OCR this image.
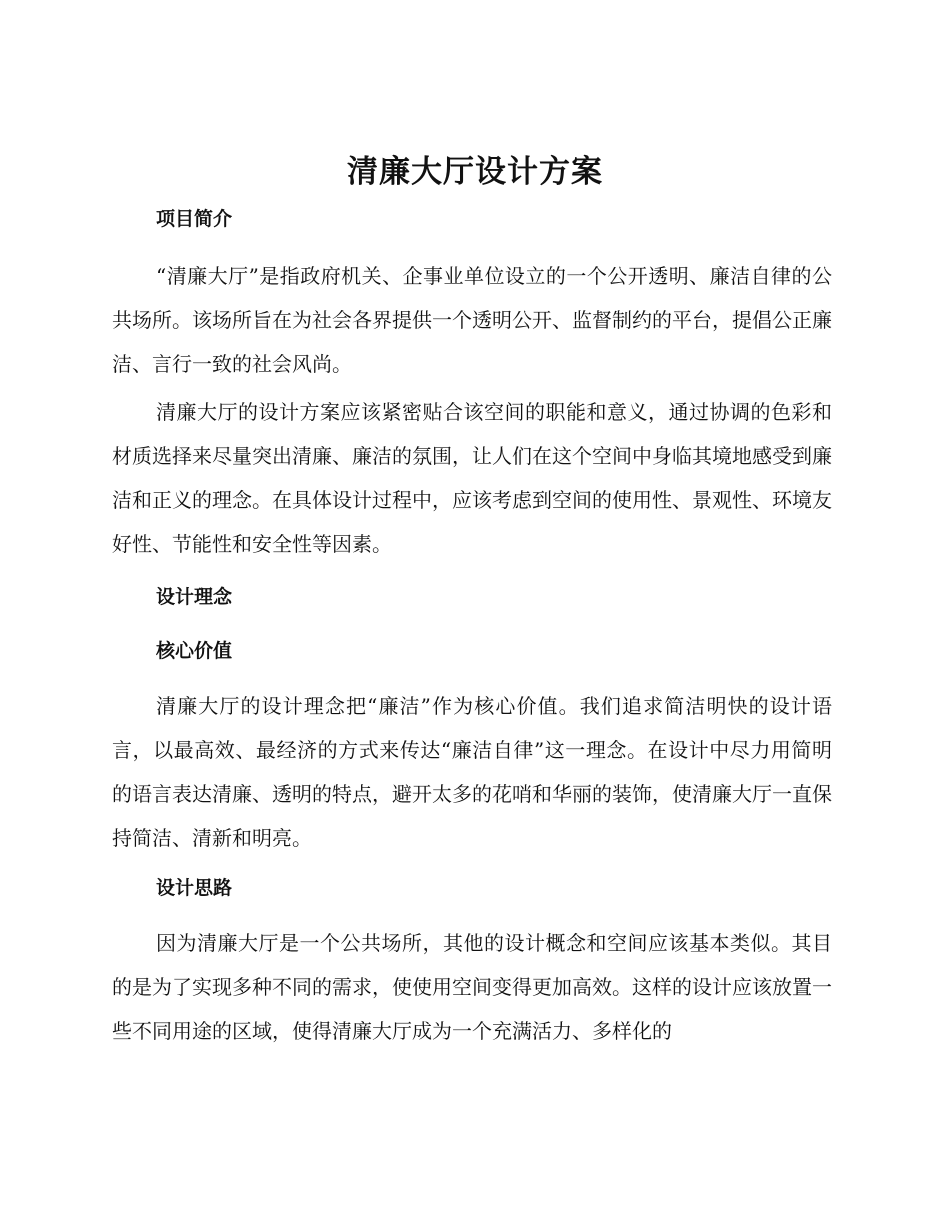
清廉大厅设计方案
项目简介

“清廉大厅”是指政府机关、企事业单位设立的一个公开透明、廉洁自律的公共场所。该场所旨在为社会各界提供一个透明公开、监督制约的平台，提倡公正廉洁、言行一致的社会风尚。

清廉大厅的设计方案应该紧密贴合该空间的职能和意义，通过协调的色彩和材质选择来尽量突出清廉、廉洁的氛围，让人们在这个空间中身临其境地感受到廉洁和正义的理念。在具体设计过程中，应该考虑到空间的使用性、景观性、环境友好性、节能性和安全性等因素。

设计理念
核心价值

清廉大厅的设计理念把“廉洁”作为核心价值。我们追求简洁明快的设计语言，以最高效、最经济的方式来传达“廉洁自律”这一理念。在设计中尽力用简明的语言表达清廉、透明的特点，避开太多的花哨和华丽的装饰，使清廉大厅一直保持简洁、清新和明亮。

设计思路

因为清廉大厅是一个公共场所，其他的设计概念和空间应该基本类似。其目的是为了实现多种不同的需求，使使用空间变得更加高效。这样的设计应该放置一些不同用途的区域，使得清廉大厅成为一个充满活力、多样化的
